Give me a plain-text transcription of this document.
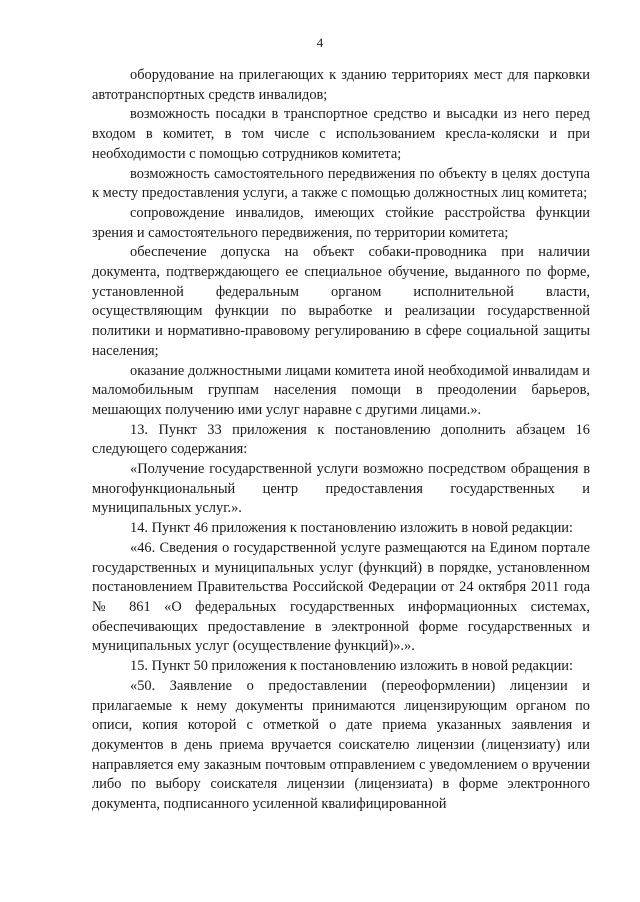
4

оборудование на прилегающих к зданию территориях мест для парковки автотранспортных средств инвалидов;

возможность посадки в транспортное средство и высадки из него перед входом в комитет, в том числе с использованием кресла-коляски и при необходимости с помощью сотрудников комитета;

возможность самостоятельного передвижения по объекту в целях доступа к месту предоставления услуги, а также с помощью должностных лиц комитета;

сопровождение инвалидов, имеющих стойкие расстройства функции зрения и самостоятельного передвижения, по территории комитета;

обеспечение допуска на объект собаки-проводника при наличии документа, подтверждающего ее специальное обучение, выданного по форме, установленной федеральным органом исполнительной власти, осуществляющим функции по выработке и реализации государственной политики и нормативно-правовому регулированию в сфере социальной защиты населения;

оказание должностными лицами комитета иной необходимой инвалидам и маломобильным группам населения помощи в преодолении барьеров, мешающих получению ими услуг наравне с другими лицами.».

13. Пункт 33 приложения к постановлению дополнить абзацем 16 следующего содержания:

«Получение государственной услуги возможно посредством обращения в многофункциональный центр предоставления государственных и муниципальных услуг.».

14. Пункт 46 приложения к постановлению изложить в новой редакции:

«46. Сведения о государственной услуге размещаются на Едином портале государственных и муниципальных услуг (функций) в порядке, установленном постановлением Правительства Российской Федерации от 24 октября 2011 года № 861 «О федеральных государственных информационных системах, обеспечивающих предоставление в электронной форме государственных и муниципальных услуг (осуществление функций)».».

15. Пункт 50 приложения к постановлению изложить в новой редакции:

«50. Заявление о предоставлении (переоформлении) лицензии и прилагаемые к нему документы принимаются лицензирующим органом по описи, копия которой с отметкой о дате приема указанных заявления и документов в день приема вручается соискателю лицензии (лицензиату) или направляется ему заказным почтовым отправлением с уведомлением о вручении либо по выбору соискателя лицензии (лицензиата) в форме электронного документа, подписанного усиленной квалифицированной
